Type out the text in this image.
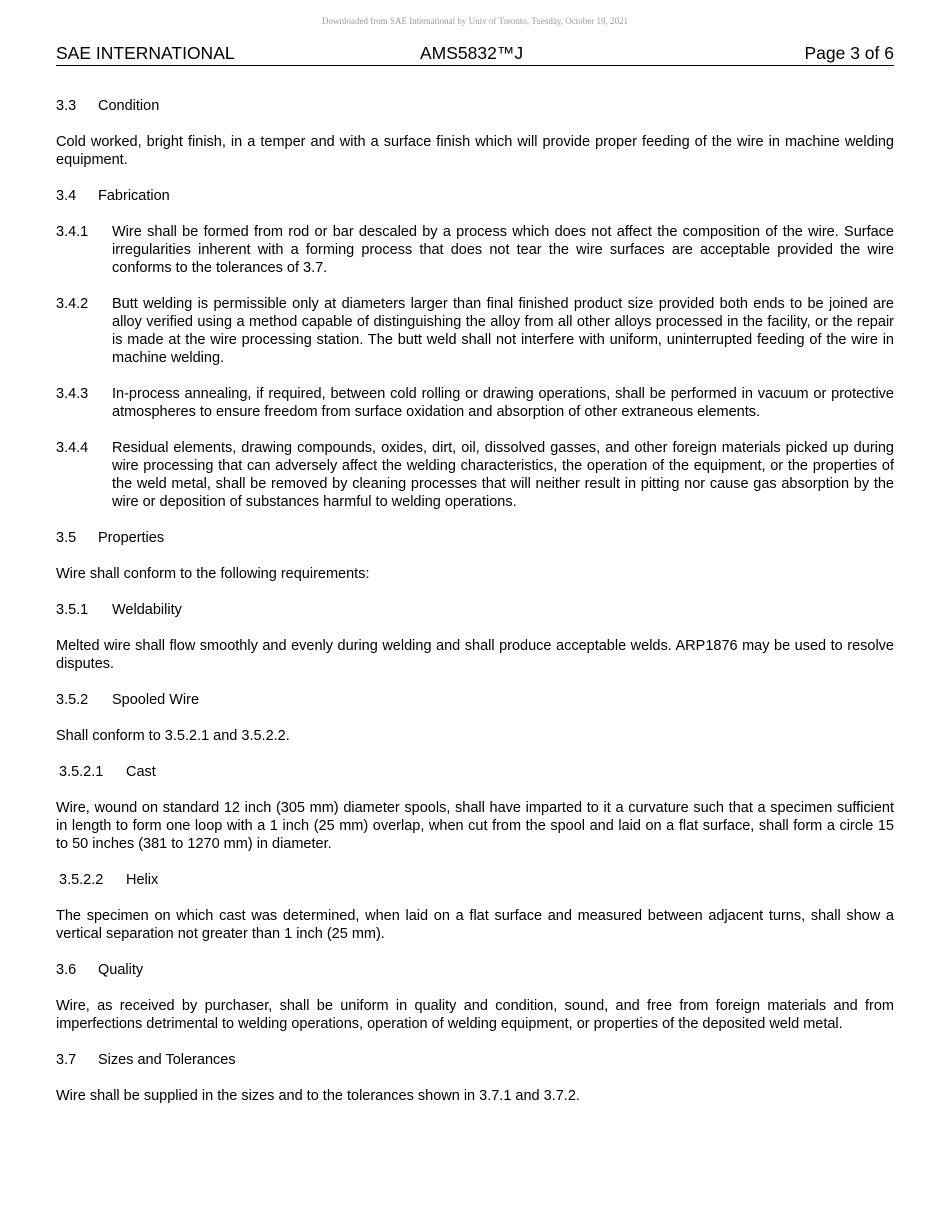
Downloaded from SAE International by Univ of Toronto, Tuesday, October 19, 2021
SAE INTERNATIONAL	AMS5832™J	Page 3 of 6

3.3 Condition

Cold worked, bright finish, in a temper and with a surface finish which will provide proper feeding of the wire in machine welding equipment.

3.4 Fabrication

3.4.1	Wire shall be formed from rod or bar descaled by a process which does not affect the composition of the wire. Surface irregularities inherent with a forming process that does not tear the wire surfaces are acceptable provided the wire conforms to the tolerances of 3.7.
3.4.2	Butt welding is permissible only at diameters larger than final finished product size provided both ends to be joined are alloy verified using a method capable of distinguishing the alloy from all other alloys processed in the facility, or the repair is made at the wire processing station. The butt weld shall not interfere with uniform, uninterrupted feeding of the wire in machine welding.
3.4.3	In-process annealing, if required, between cold rolling or drawing operations, shall be performed in vacuum or protective atmospheres to ensure freedom from surface oxidation and absorption of other extraneous elements.
3.4.4	Residual elements, drawing compounds, oxides, dirt, oil, dissolved gasses, and other foreign materials picked up during wire processing that can adversely affect the welding characteristics, the operation of the equipment, or the properties of the weld metal, shall be removed by cleaning processes that will neither result in pitting nor cause gas absorption by the wire or deposition of substances harmful to welding operations.

3.5 Properties

Wire shall conform to the following requirements:

3.5.1 Weldability

Melted wire shall flow smoothly and evenly during welding and shall produce acceptable welds. ARP1876 may be used to resolve disputes.

3.5.2 Spooled Wire

Shall conform to 3.5.2.1 and 3.5.2.2.

3.5.2.1 Cast

Wire, wound on standard 12 inch (305 mm) diameter spools, shall have imparted to it a curvature such that a specimen sufficient in length to form one loop with a 1 inch (25 mm) overlap, when cut from the spool and laid on a flat surface, shall form a circle 15 to 50 inches (381 to 1270 mm) in diameter.

3.5.2.2 Helix

The specimen on which cast was determined, when laid on a flat surface and measured between adjacent turns, shall show a vertical separation not greater than 1 inch (25 mm).

3.6 Quality

Wire, as received by purchaser, shall be uniform in quality and condition, sound, and free from foreign materials and from imperfections detrimental to welding operations, operation of welding equipment, or properties of the deposited weld metal.

3.7 Sizes and Tolerances

Wire shall be supplied in the sizes and to the tolerances shown in 3.7.1 and 3.7.2.
